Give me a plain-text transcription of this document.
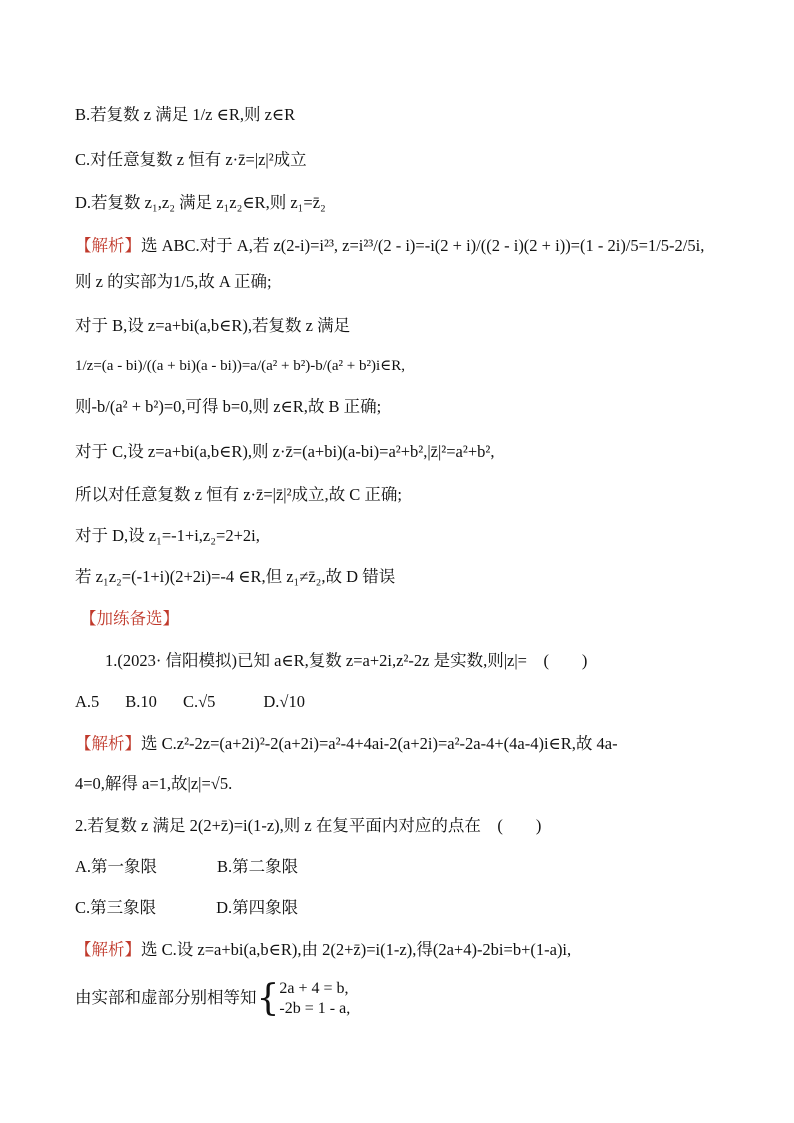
B.若复数 z 满足 1/z ∈R,则 z∈R
C.对任意复数 z 恒有 z·z̄=|z|²成立
D.若复数 z₁,z₂ 满足 z₁z₂∈R,则 z₁=z̄₂
【解析】选 ABC.对于 A,若 z(2-i)=i²³, z=i²³/(2 - i)=-i(2 + i)/((2 - i)(2 + i))=(1 - 2i)/5=1/5-2/5i,
则 z 的实部为1/5,故 A 正确;
对于 B,设 z=a+bi(a,b∈R),若复数 z 满足
1/z=(a - bi)/((a + bi)(a - bi))=a/(a² + b²)-b/(a² + b²)i∈R,
则-b/(a² + b²)=0,可得 b=0,则 z∈R,故 B 正确;
对于 C,设 z=a+bi(a,b∈R),则 z·z̄=(a+bi)(a-bi)=a²+b²,|z̄|²=a²+b²,
所以对任意复数 z 恒有 z·z̄=|z̄|²成立,故 C 正确;
对于 D,设 z₁=-1+i,z₂=2+2i,
若 z₁z₂=(-1+i)(2+2i)=-4 ∈R,但 z₁≠z̄₂,故 D 错误
【加练备选】
1.(2023· 信阳模拟)已知 a∈R,复数 z=a+2i,z²-2z 是实数,则|z|=　(　　)
A.5 B.10 C.√5	D.√10
【解析】选 C.z²-2z=(a+2i)²-2(a+2i)=a²-4+4ai-2(a+2i)=a²-2a-4+(4a-4)i∈R,故 4a-
4=0,解得 a=1,故|z|=√5.
2.若复数 z 满足 2(2+z̄)=i(1-z),则 z 在复平面内对应的点在　(　　)
A.第一象限	B.第二象限
C.第三象限	D.第四象限
【解析】选 C.设 z=a+bi(a,b∈R),由 2(2+z̄)=i(1-z),得(2a+4)-2bi=b+(1-a)i,
由实部和虚部分别相等知{ 2a + 4 = b,
-2b = 1 - a,
